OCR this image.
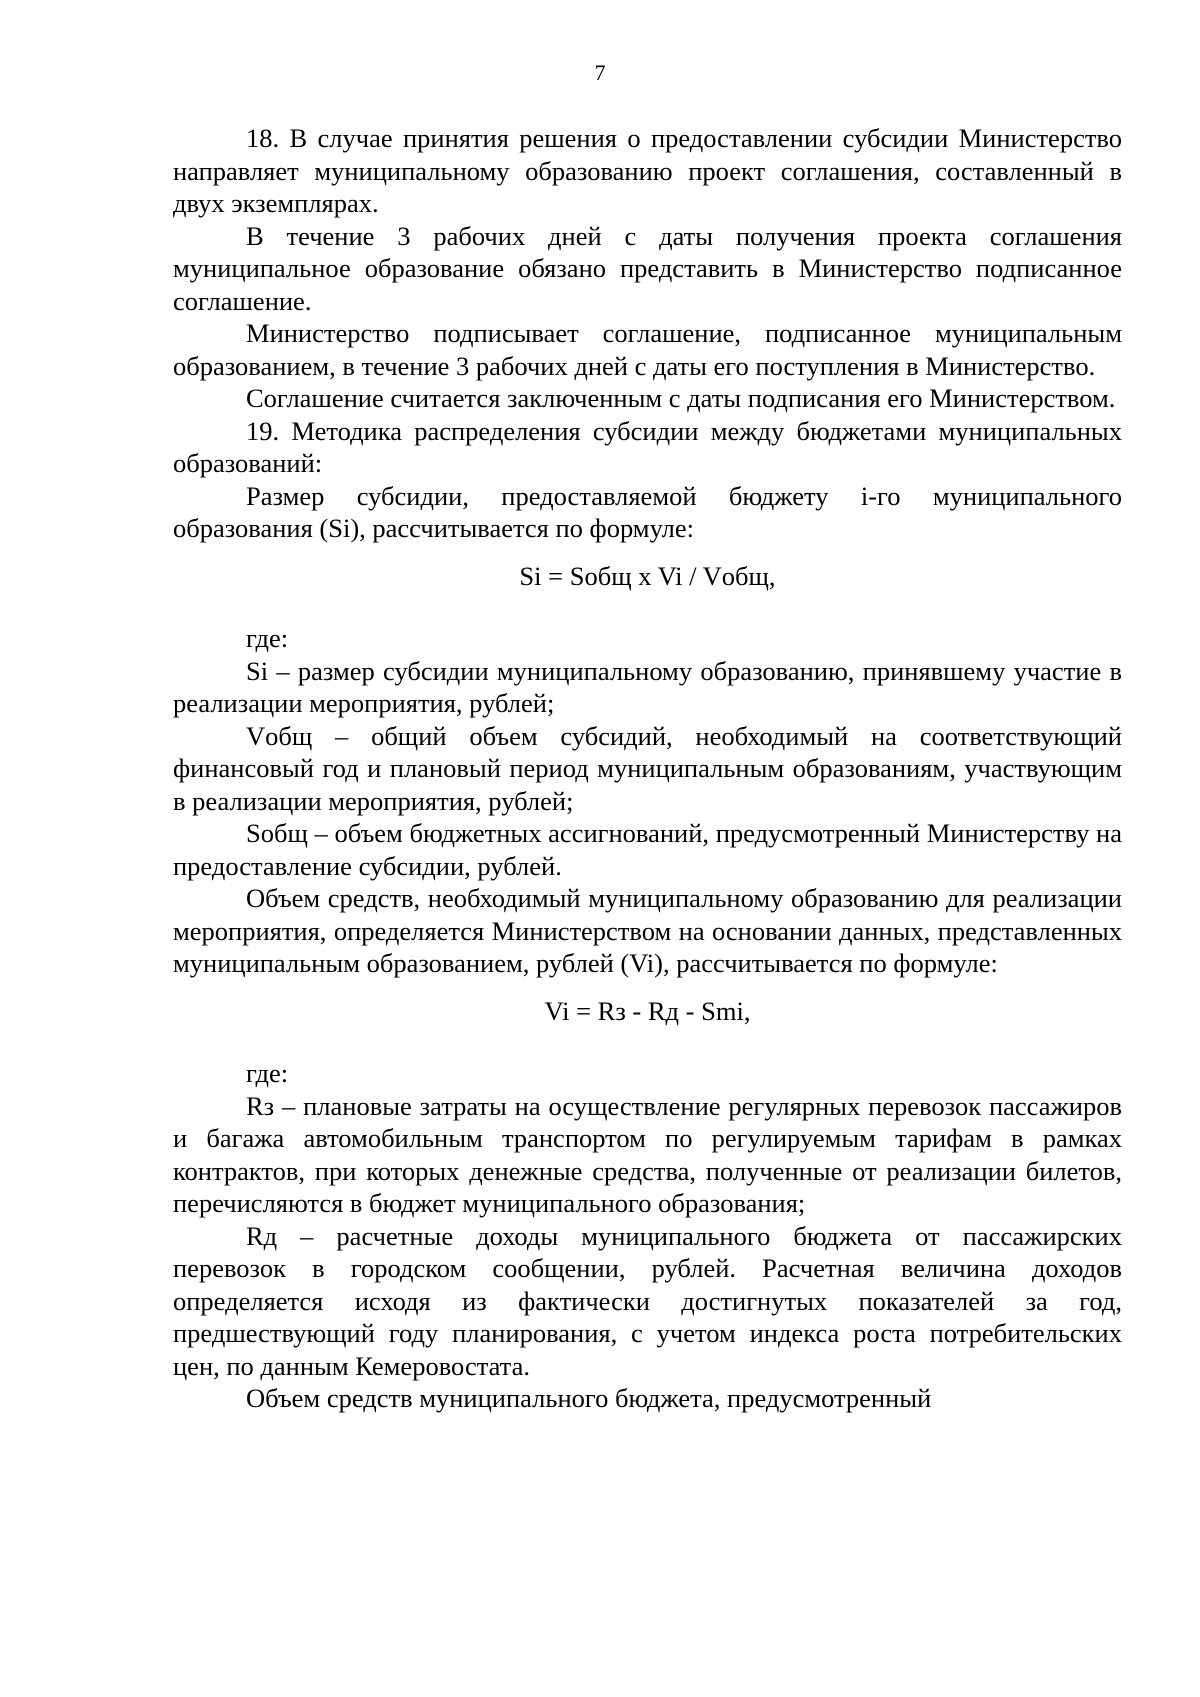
7

18. В случае принятия решения о предоставлении субсидии Министерство направляет муниципальному образованию проект соглашения, составленный в двух экземплярах.

В течение 3 рабочих дней с даты получения проекта соглашения муниципальное образование обязано представить в Министерство подписанное соглашение.

Министерство подписывает соглашение, подписанное муниципальным образованием, в течение 3 рабочих дней с даты его поступления в Министерство.

Соглашение считается заключенным с даты подписания его Министерством.

19. Методика распределения субсидии между бюджетами муниципальных образований:

Размер субсидии, предоставляемой бюджету i-го муниципального образования (Si), рассчитывается по формуле:

Si = Sобщ x Vi / Vобщ,

где:

Si – размер субсидии муниципальному образованию, принявшему участие в реализации мероприятия, рублей;

Vобщ – общий объем субсидий, необходимый на соответствующий финансовый год и плановый период муниципальным образованиям, участвующим в реализации мероприятия, рублей;

Sобщ – объем бюджетных ассигнований, предусмотренный Министерству на предоставление субсидии, рублей.

Объем средств, необходимый муниципальному образованию для реализации мероприятия, определяется Министерством на основании данных, представленных муниципальным образованием, рублей (Vi), рассчитывается по формуле:

Vi = Rз - Rд - Smi,

где:

Rз – плановые затраты на осуществление регулярных перевозок пассажиров и багажа автомобильным транспортом по регулируемым тарифам в рамках контрактов, при которых денежные средства, полученные от реализации билетов, перечисляются в бюджет муниципального образования;

Rд – расчетные доходы муниципального бюджета от пассажирских перевозок в городском сообщении, рублей. Расчетная величина доходов определяется исходя из фактически достигнутых показателей за год, предшествующий году планирования, с учетом индекса роста потребительских цен, по данным Кемеровостата.

Объем средств муниципального бюджета, предусмотренный
